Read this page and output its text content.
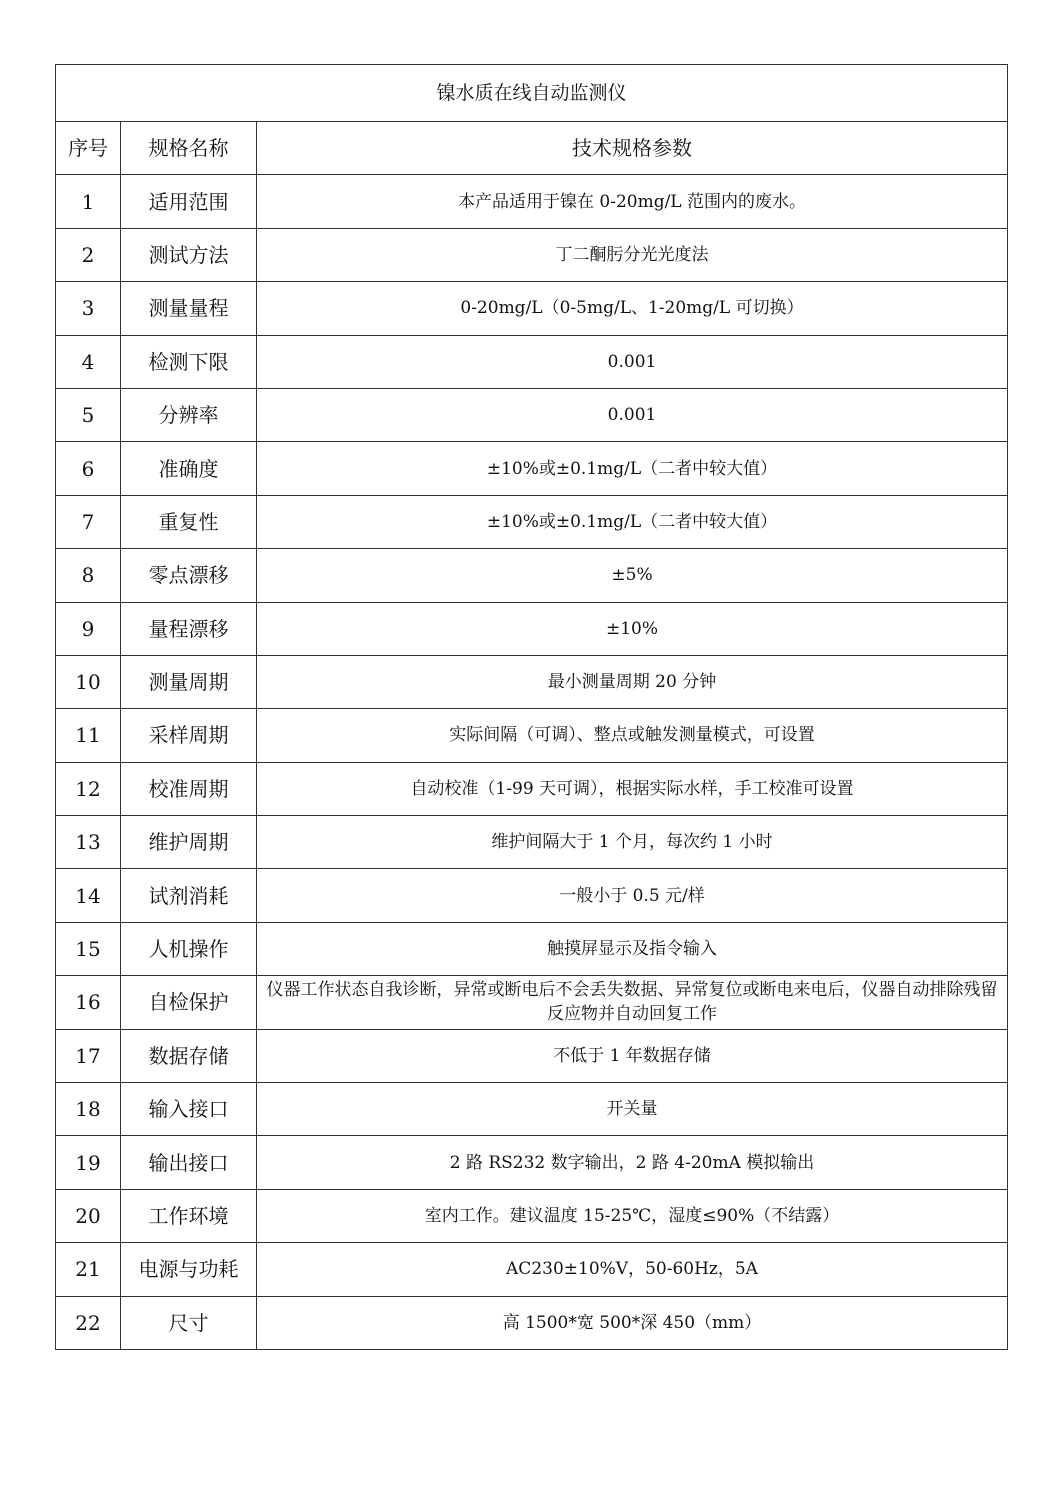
镍水质在线自动监测仪		
序号	规格名称	技术规格参数
1	适用范围	本产品适用于镍在 0-20mg/L 范围内的废水。
2	测试方法	丁二酮肟分光光度法
3	测量量程	0-20mg/L（0-5mg/L、1-20mg/L 可切换）
4	检测下限	0.001
5	分辨率	0.001
6	准确度	±10%或±0.1mg/L（二者中较大值）
7	重复性	±10%或±0.1mg/L（二者中较大值）
8	零点漂移	±5%
9	量程漂移	±10%
10	测量周期	最小测量周期 20 分钟
11	采样周期	实际间隔（可调）、整点或触发测量模式，可设置
12	校准周期	自动校准（1-99 天可调），根据实际水样，手工校准可设置
13	维护周期	维护间隔大于 1 个月，每次约 1 小时
14	试剂消耗	一般小于 0.5 元/样
15	人机操作	触摸屏显示及指令输入
16	自检保护	仪器工作状态自我诊断，异常或断电后不会丢失数据、异常复位或断电来电后，仪器自动排除残留反应物并自动回复工作
17	数据存储	不低于 1 年数据存储
18	输入接口	开关量
19	输出接口	2 路 RS232 数字输出，2 路 4-20mA 模拟输出
20	工作环境	室内工作。建议温度 15-25℃，湿度≤90%（不结露）
21	电源与功耗	AC230±10%V，50-60Hz，5A
22	尺寸	高 1500*宽 500*深 450（mm）
